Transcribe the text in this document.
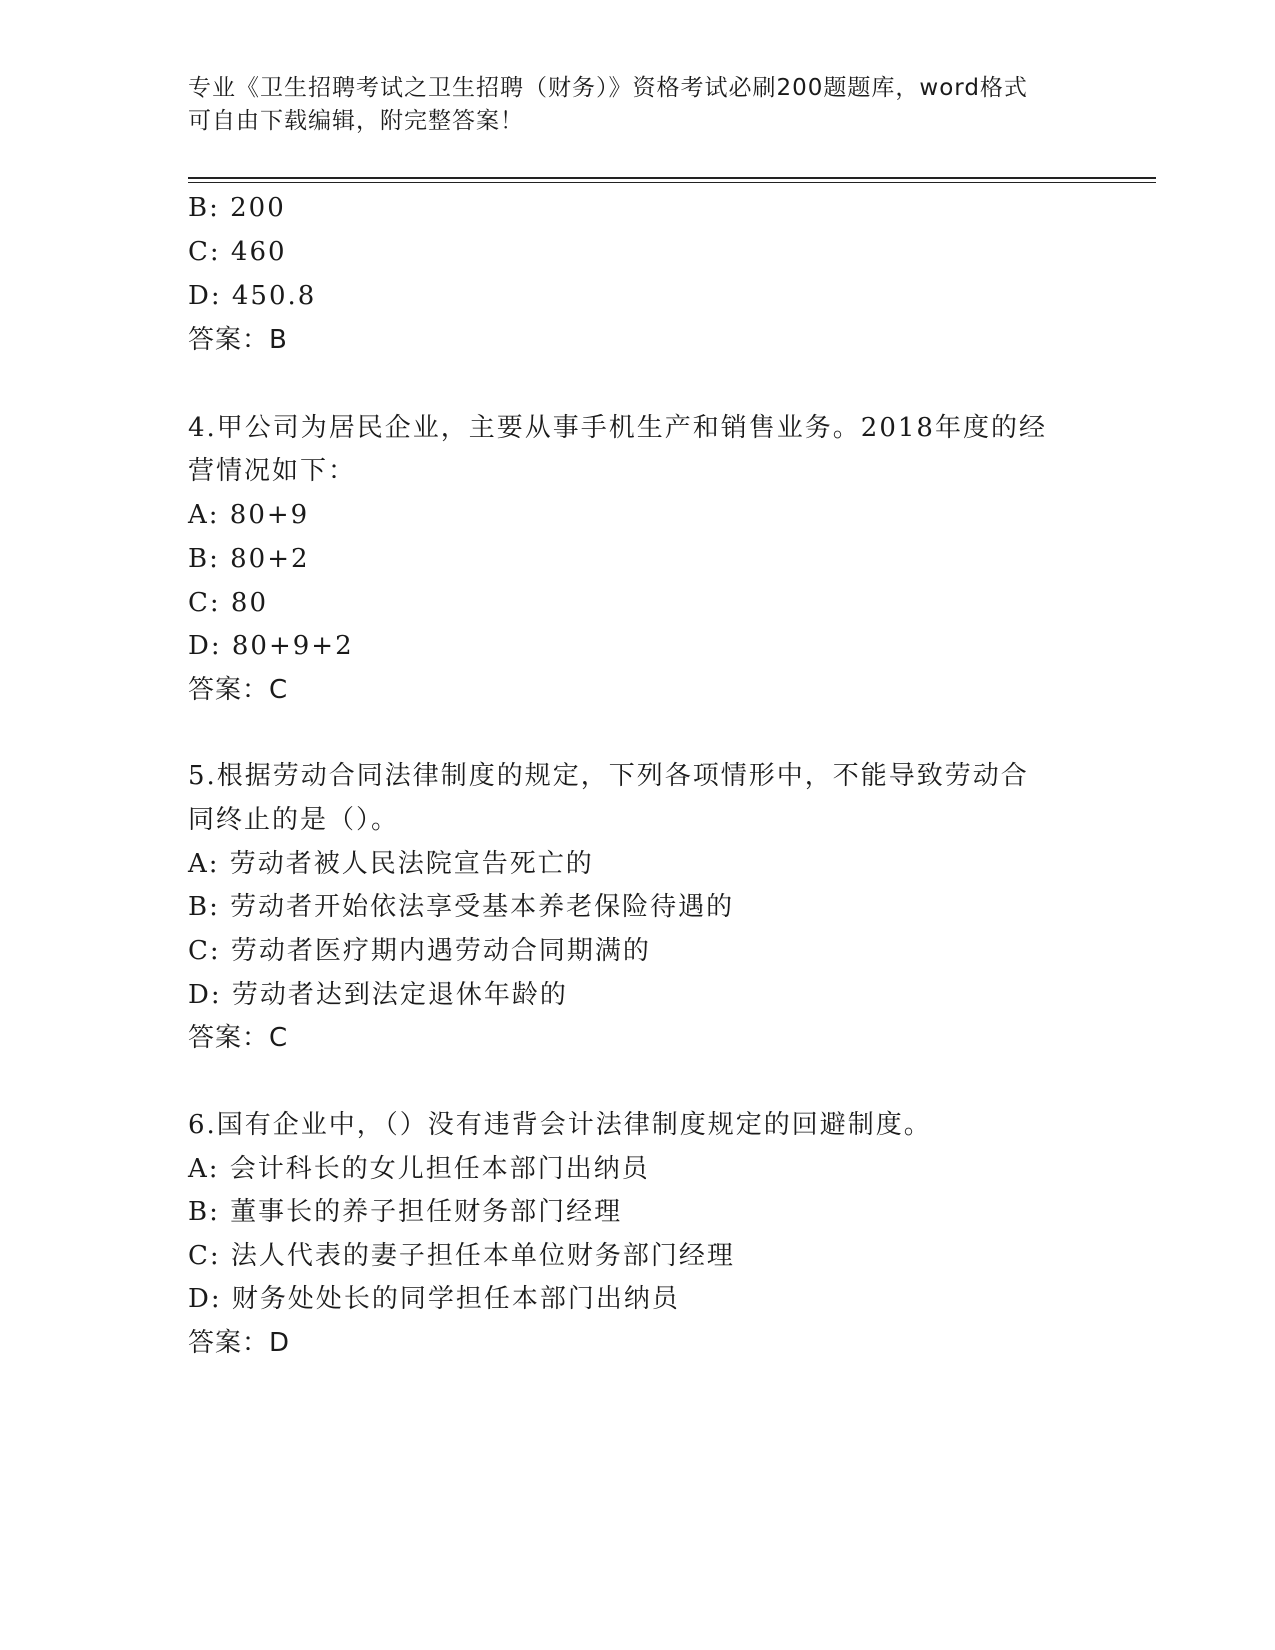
专业《卫生招聘考试之卫生招聘（财务）》资格考试必刷200题题库，word格式
可自由下载编辑，附完整答案！
B: 200
C: 460
D: 450.8
答案：B
4.甲公司为居民企业，主要从事手机生产和销售业务。2018年度的经
营情况如下：
A: 80+9
B: 80+2
C: 80
D: 80+9+2
答案：C
5.根据劳动合同法律制度的规定，下列各项情形中，不能导致劳动合
同终止的是（）。
A: 劳动者被人民法院宣告死亡的
B: 劳动者开始依法享受基本养老保险待遇的
C: 劳动者医疗期内遇劳动合同期满的
D: 劳动者达到法定退休年龄的
答案：C
6.国有企业中，（）没有违背会计法律制度规定的回避制度。
A: 会计科长的女儿担任本部门出纳员
B: 董事长的养子担任财务部门经理
C: 法人代表的妻子担任本单位财务部门经理
D: 财务处处长的同学担任本部门出纳员
答案：D
